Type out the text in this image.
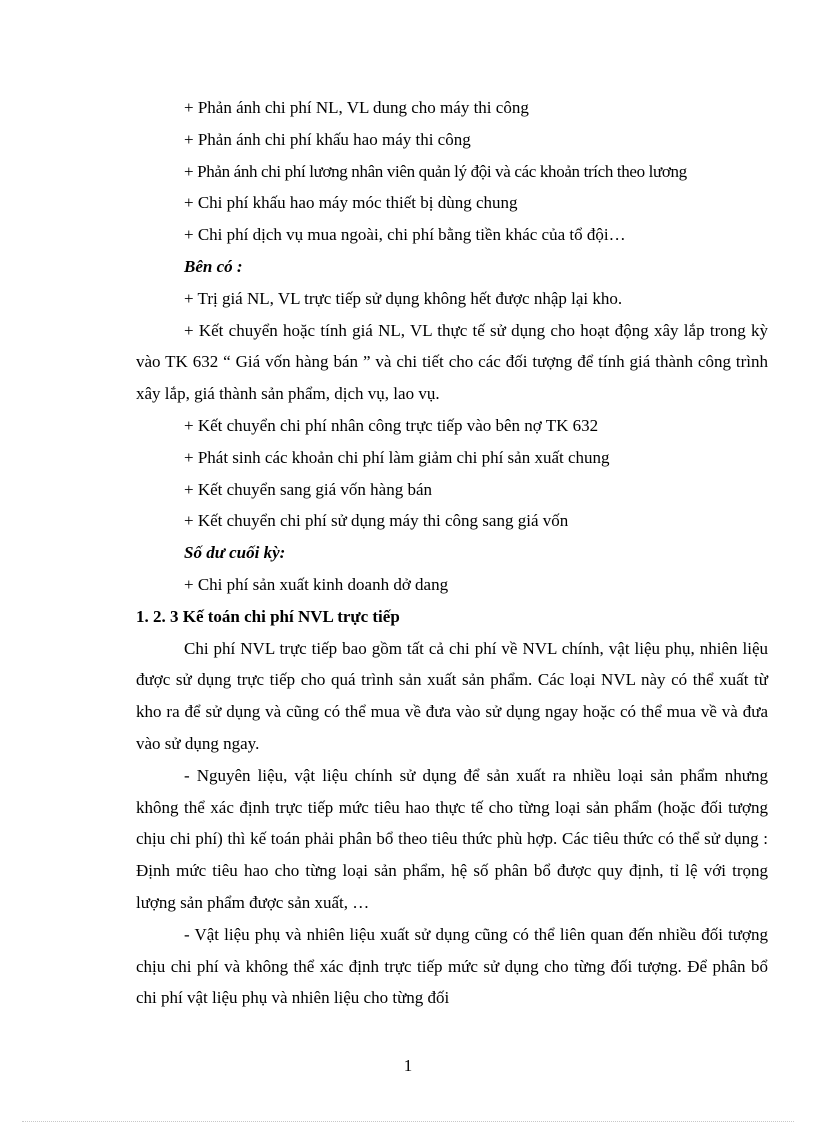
+ Phản ánh chi phí NL, VL dung cho máy thi công
+ Phản ánh chi phí khấu hao máy thi công
+ Phản ánh chi phí lương nhân viên quản lý đội và các khoản trích theo lương
+ Chi phí khấu hao máy móc thiết bị dùng chung
+ Chi phí dịch vụ mua ngoài, chi phí bằng tiền khác của tổ đội…
Bên có :
+ Trị giá NL, VL trực tiếp sử dụng không hết được nhập lại kho.
+ Kết chuyển hoặc tính giá NL, VL thực tế sử dụng cho hoạt động xây lắp trong kỳ vào TK 632 “ Giá vốn hàng bán ” và chi tiết cho các đối tượng để tính giá thành công trình xây lắp, giá thành sản phẩm, dịch vụ, lao vụ.
+ Kết chuyển chi phí nhân công trực tiếp vào bên nợ TK 632
+ Phát sinh các khoản chi phí làm giảm chi phí sản xuất chung
+ Kết chuyển sang giá vốn hàng bán
+ Kết chuyển chi phí sử dụng máy thi công sang giá vốn
Số dư cuối kỳ:
+ Chi phí sản xuất kinh doanh dở dang
1. 2. 3 Kế toán chi phí NVL trực tiếp
Chi phí NVL trực tiếp bao gồm tất cả chi phí về NVL chính, vật liệu phụ, nhiên liệu được sử dụng trực tiếp cho quá trình sản xuất sản phẩm. Các loại NVL này có thể xuất từ kho ra để sử dụng và cũng có thể mua về đưa vào sử dụng ngay hoặc có thể mua về và đưa vào sử dụng ngay.
- Nguyên liệu, vật liệu chính sử dụng để sản xuất ra nhiều loại sản phẩm nhưng không thể xác định trực tiếp mức tiêu hao thực tế cho từng loại sản phẩm (hoặc đối tượng chịu chi phí) thì kế toán phải phân bổ theo tiêu thức phù hợp. Các tiêu thức có thể sử dụng : Định mức tiêu hao cho từng loại sản phẩm, hệ số phân bổ được quy định, tỉ lệ với trọng lượng sản phẩm được sản xuất, …
- Vật liệu phụ và nhiên liệu xuất sử dụng cũng có thể liên quan đến nhiều đối tượng chịu chi phí và không thể xác định trực tiếp mức sử dụng cho từng đối tượng. Để phân bổ chi phí vật liệu phụ và nhiên liệu cho từng đối
1
